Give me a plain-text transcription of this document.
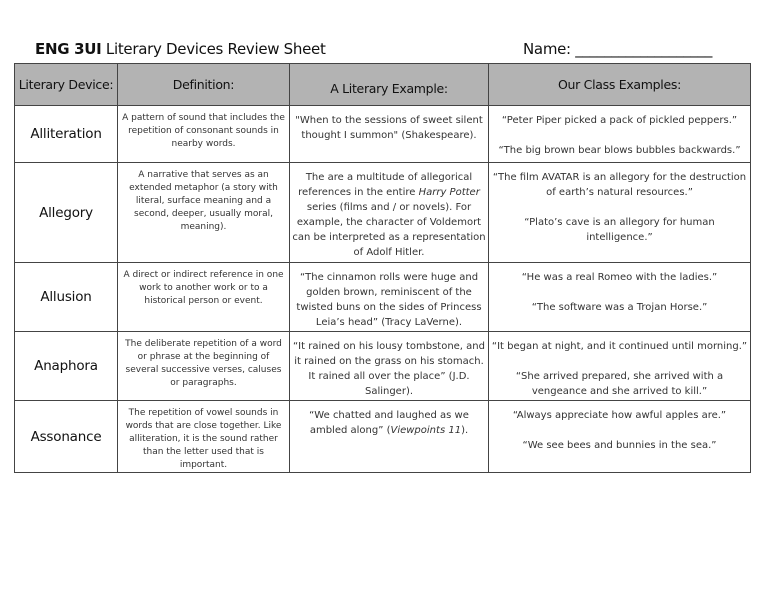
ENG 3UI Literary Devices Review Sheet	Name: ___________________
Literary Device:	Definition:	A Literary Example:	Our Class Examples:
Alliteration	A pattern of sound that includes the repetition of consonant sounds in nearby words.	"When to the sessions of sweet silent thought I summon" (Shakespeare).	“Peter Piper picked a pack of pickled peppers.”

“The big brown bear blows bubbles backwards.”

Allegory	A narrative that serves as an extended metaphor (a story with literal, surface meaning and a second, deeper, usually moral, meaning).	The are a multitude of allegorical references in the entire Harry Potter series (films and / or novels). For example, the character of Voldemort can be interpreted as a representation of Adolf Hitler.	“The film AVATAR is an allegory for the destruction of earth’s natural resources.”

“Plato’s cave is an allegory for human intelligence.”

Allusion	A direct or indirect reference in one work to another work or to a historical person or event.	“The cinnamon rolls were huge and golden brown, reminiscent of the twisted buns on the sides of Princess Leia’s head” (Tracy LaVerne).	“He was a real Romeo with the ladies.”

“The software was a Trojan Horse.”

Anaphora	The deliberate repetition of a word or phrase at the beginning of several successive verses, caluses or paragraphs.	“It rained on his lousy tombstone, and it rained on the grass on his stomach. It rained all over the place” (J.D. Salinger).	“It began at night, and it continued until morning.”

“She arrived prepared, she arrived with a vengeance and she arrived to kill.”

Assonance	The repetition of vowel sounds in words that are close together. Like alliteration, it is the sound rather than the letter used that is important.	“We chatted and laughed as we ambled along” (Viewpoints 11).	“Always appreciate how awful apples are.”

“We see bees and bunnies in the sea.”
